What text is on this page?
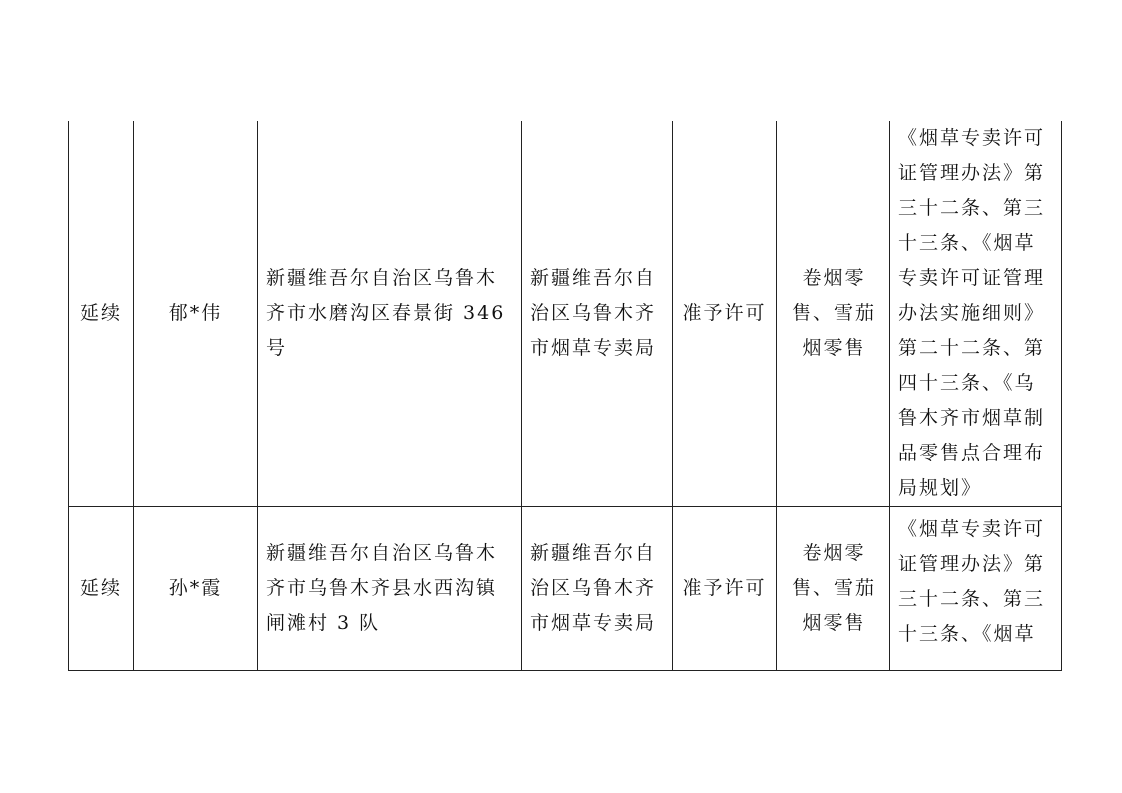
延续	郁*伟	新疆维吾尔自治区乌鲁木齐市水磨沟区春景街 346 号	新疆维吾尔自治区乌鲁木齐市烟草专卖局	准予许可	卷烟零售、雪茄烟零售	《烟草专卖许可证管理办法》第三十二条、第三十三条、《烟草专卖许可证管理办法实施细则》第二十二条、第四十三条、《乌鲁木齐市烟草制品零售点合理布局规划》

延续	孙*霞	新疆维吾尔自治区乌鲁木齐市乌鲁木齐县水西沟镇闸滩村 3 队	新疆维吾尔自治区乌鲁木齐市烟草专卖局	准予许可	卷烟零售、雪茄烟零售	《烟草专卖许可证管理办法》第三十二条、第三十三条、《烟草
